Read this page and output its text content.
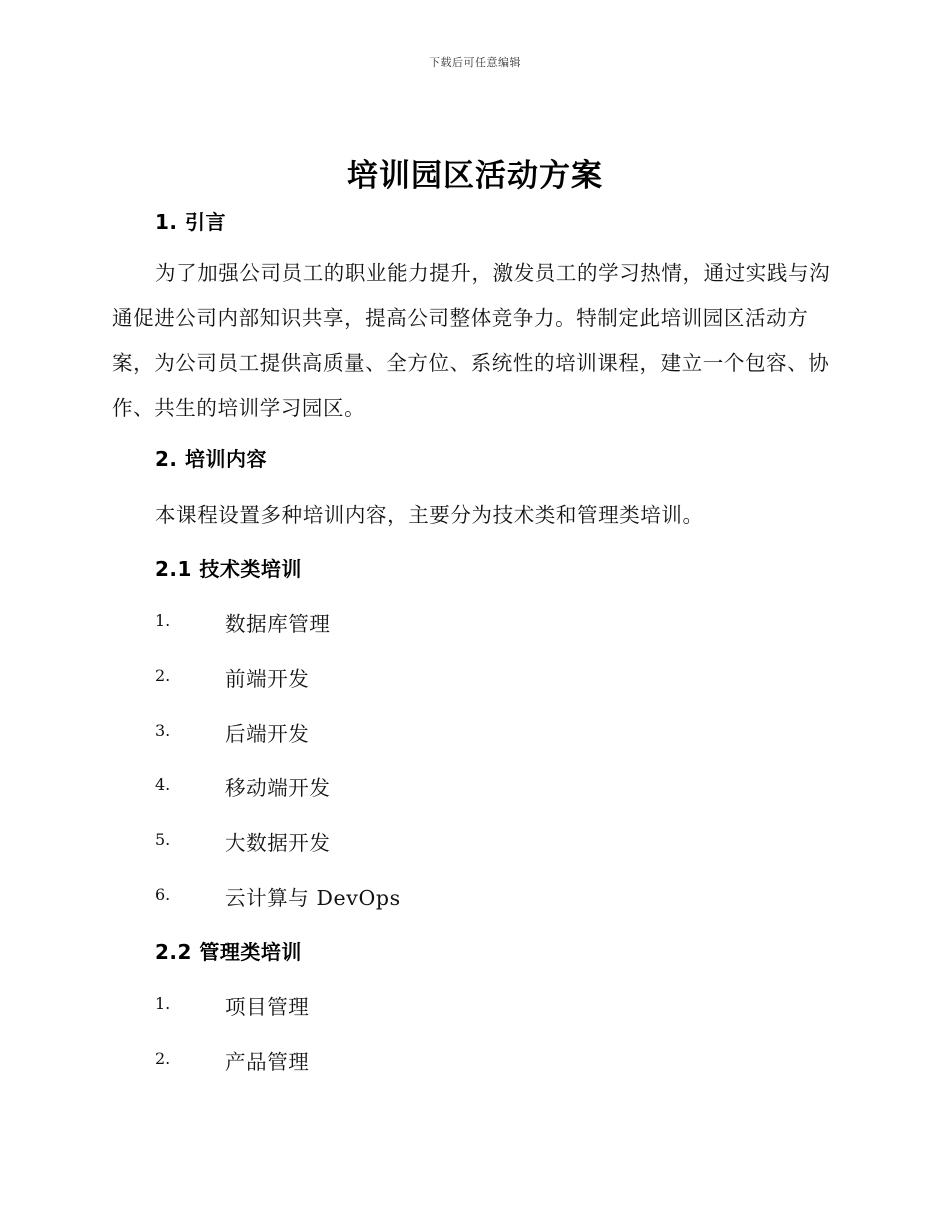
下载后可任意编辑
培训园区活动方案
1. 引言
为了加强公司员工的职业能力提升，激发员工的学习热情，通过实践与沟通促进公司内部知识共享，提高公司整体竞争力。特制定此培训园区活动方案，为公司员工提供高质量、全方位、系统性的培训课程，建立一个包容、协作、共生的培训学习园区。
2. 培训内容
本课程设置多种培训内容，主要分为技术类和管理类培训。
2.1 技术类培训
1.	数据库管理
2.	前端开发
3.	后端开发
4.	移动端开发
5.	大数据开发
6.	云计算与 DevOps
2.2 管理类培训
1.	项目管理
2.	产品管理
